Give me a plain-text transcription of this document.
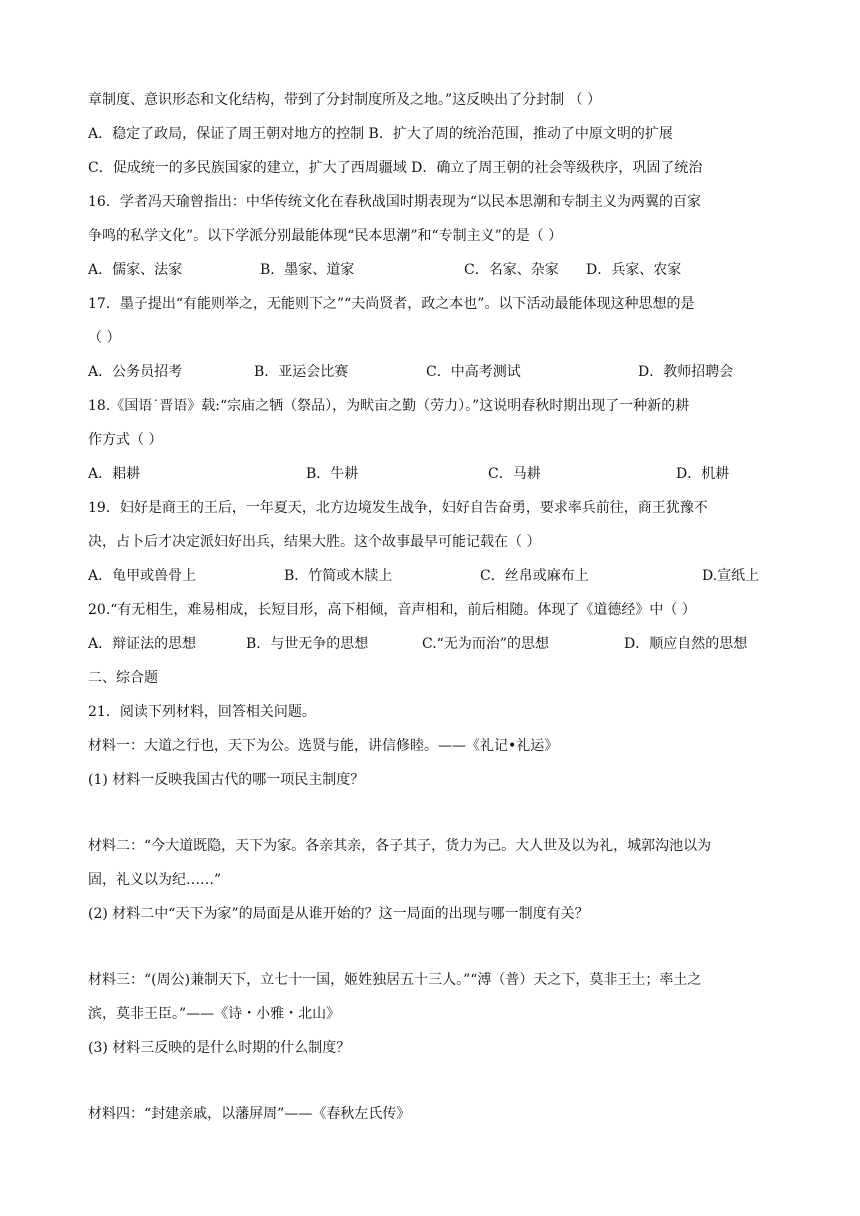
章制度、意识形态和文化结构，带到了分封制度所及之地。”这反映出了分封制 （ ）
A．稳定了政局，保证了周王朝对地方的控制 B．扩大了周的统治范围，推动了中原文明的扩展
C．促成统一的多民族国家的建立，扩大了西周疆域 D．确立了周王朝的社会等级秩序，巩固了统治
16．学者冯天瑜曾指出：中华传统文化在春秋战国时期表现为“以民本思潮和专制主义为两翼的百家
争鸣的私学文化”。以下学派分别最能体现“民本思潮”和“专制主义”的是（ ）
A．儒家、法家	B．墨家、道家	C．名家、杂家 D．兵家、农家
17．墨子提出“有能则举之，无能则下之”“夫尚贤者，政之本也”。以下活动最能体现这种思想的是
（ ）
A．公务员招考	B．亚运会比赛	C．中高考测试	D．教师招聘会
18.《国语˙晋语》载:“宗庙之牺（祭品），为畎亩之勤（劳力）。”这说明春秋时期出现了一种新的耕
作方式（ ）
A．耜耕	B．牛耕	C．马耕	D．机耕
19．妇好是商王的王后，一年夏天，北方边境发生战争，妇好自告奋勇，要求率兵前往，商王犹豫不
决，占卜后才决定派妇好出兵，结果大胜。这个故事最早可能记载在（ ）
A．龟甲或兽骨上	B．竹简或木牍上	C．丝帛或麻布上	D.宣纸上
20.“有无相生，难易相成，长短目形，高下相倾，音声相和，前后相随。体现了《道德经》中（ ）
A．辩证法的思想	B．与世无争的思想	C.“无为而治”的思想	D．顺应自然的思想
二、综合题
21．阅读下列材料，回答相关问题。
材料一：大道之行也，天下为公。选贤与能，讲信修睦。——《礼记•礼运》
(1) 材料一反映我国古代的哪一项民主制度？
材料二：“今大道既隐，天下为家。各亲其亲，各子其子，货力为己。大人世及以为礼，城郭沟池以为
固，礼义以为纪……”
(2) 材料二中“天下为家”的局面是从谁开始的？这一局面的出现与哪一制度有关？
材料三：“(周公)兼制天下，立七十一国，姬姓独居五十三人。”“溥（普）天之下，莫非王土；率土之
滨，莫非王臣。”——《诗・小雅・北山》
(3) 材料三反映的是什么时期的什么制度？
材料四：“封建亲戚，以藩屏周”——《春秋左氏传》
